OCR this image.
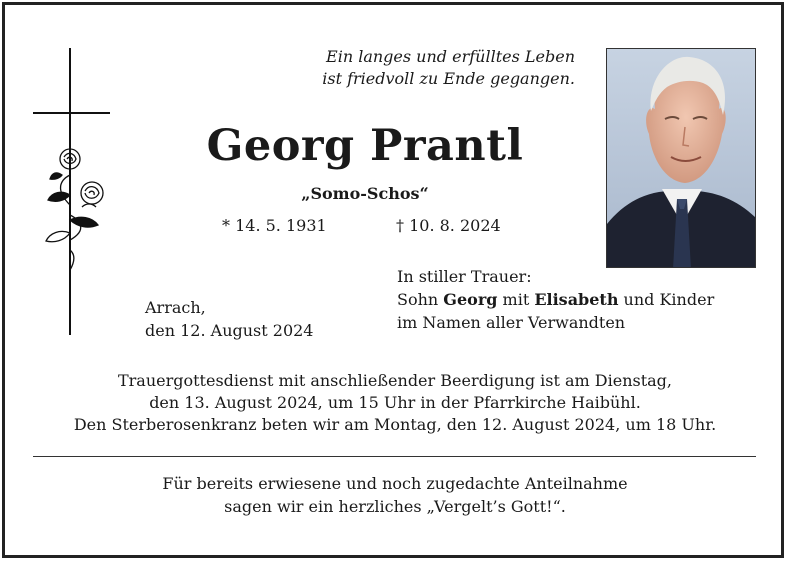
Ein langes und erfülltes Leben
ist friedvoll zu Ende gegangen.
Georg Prantl
„Somo-Schos“
* 14. 5. 1931	† 10. 8. 2024
Arrach,
den 12. August 2024
In stiller Trauer:
Sohn Georg mit Elisabeth und Kinder
im Namen aller Verwandten
Trauergottesdienst mit anschließender Beerdigung ist am Dienstag,
den 13. August 2024, um 15 Uhr in der Pfarrkirche Haibühl.
Den Sterberosenkranz beten wir am Montag, den 12. August 2024, um 18 Uhr.
Für bereits erwiesene und noch zugedachte Anteilnahme
sagen wir ein herzliches „Vergelt’s Gott!“.
